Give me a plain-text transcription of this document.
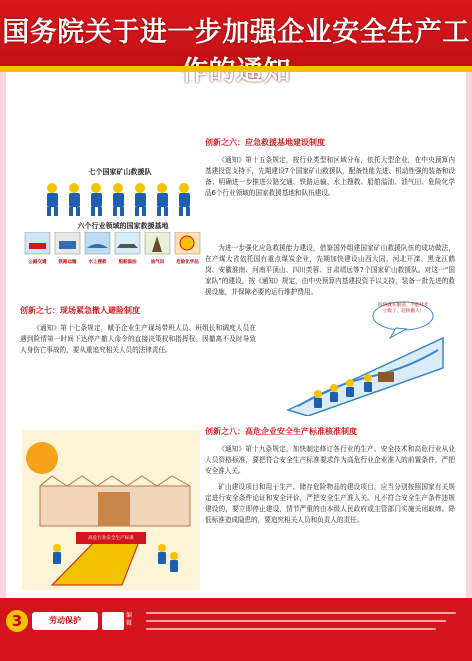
国务院关于进一步加强企业安全生产工
创新之六：应急救援基地建设制度

《通知》第十五条规定，按行业类型和区域分布，依托大型企业，在中央预算内基建投资支持下，先期建设7个国家矿山救援队，配备性能先进、机动性强的装备和设备；明确进一步推进公路交通、铁路运输、水上搜救、船舶溢油、油气田、危险化学品6个行业领域的国家救援基地和队伍建设。

为进一步强化应急救援能力建设，借鉴国外组建国家矿山救援队伍的成功做法，在产煤大省依托国有重点煤炭企业，先期加快建设山西大同、河北开滦、黑龙江鹤岗、安徽淮南、河南平顶山、四川芙蓉、甘肃靖远等7个国家矿山救援队。对这一“国家队”的建设，按《通知》规定，由中央预算内基建投资予以支持，装备一批先进的救援设施，并保障必要的运行维护费用。

七个国家矿山救援队
六个行业领域的国家救援基地
公路交通	铁路运输	水上搜救	船舶溢油	油气田	危险化学品
创新之七：现场紧急撤人避险制度

《通知》第十七条规定，赋予企业生产现场带班人员、班组长和调度人员在遇到险情第一时间下达停产撤人命令的直接决策权和指挥权。因撤离不及时导致人身伤亡事故的，要从重追究相关人员的法律责任。

险情就在眼前，不能让步上级了，赶快撤人！
创新之八：高危企业安全生产标准核准制度

《通知》第十九条规定，加快制定修订各行业的生产、安全技术和高危行业从业人员资格标准，要把符合安全生产标准要求作为高危行业企业准入的前置条件，严把安全准入关。

矿山建设项目和用于生产、储存危险物品的建设项目，应当分别按照国家有关规定进行安全条件论证和安全评价，严把安全生产准入关。凡不符合安全生产条件违规建设的，要立即停止建设，情节严重的由本级人民政府或主管部门实施关闭取缔。降低标准造成隐患的，要追究相关人员和负责人的责任。

高危行业安全生产标准
3	劳动保护
编辑
